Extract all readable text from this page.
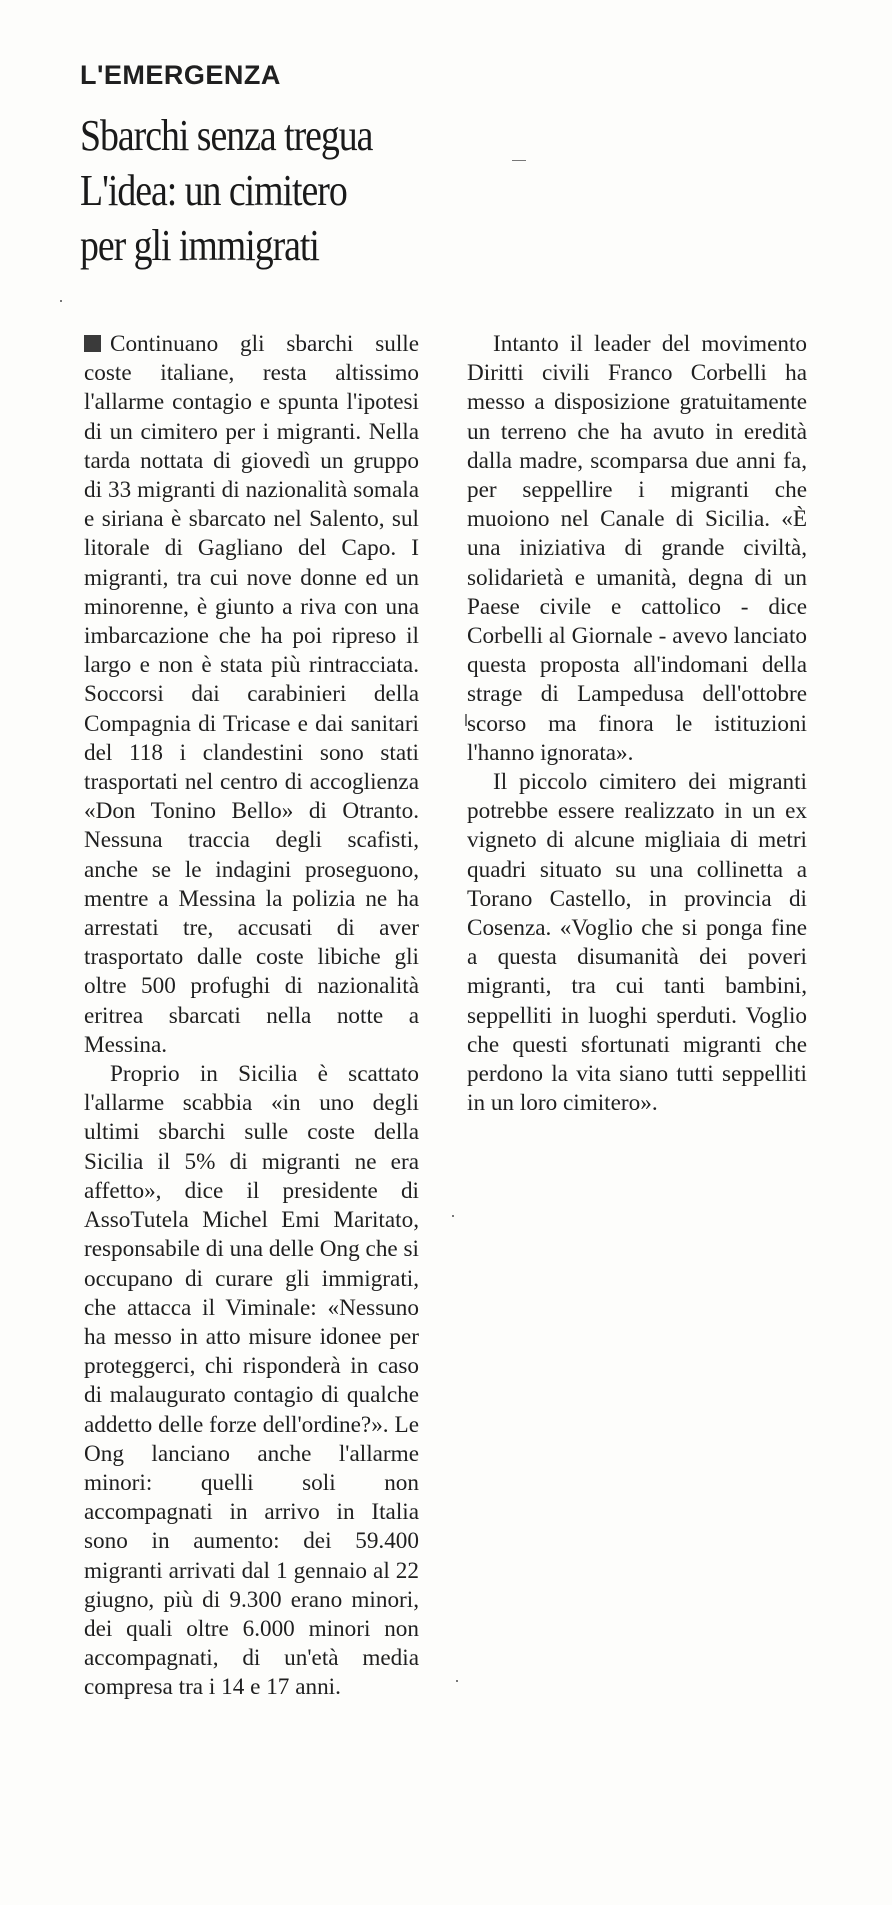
L'EMERGENZA
Sbarchi senza tregua
L'idea: un cimitero
per gli immigrati

Continuano gli sbarchi sulle coste italiane, resta altissimo l'allarme contagio e spunta l'ipotesi di un cimitero per i migranti. Nella tarda nottata di giovedì un gruppo di 33 migranti di nazionalità somala e siriana è sbarcato nel Salento, sul litorale di Gagliano del Capo. I migranti, tra cui nove donne ed un minorenne, è giunto a riva con una imbarcazione che ha poi ripreso il largo e non è stata più rintracciata. Soccorsi dai carabinieri della Compagnia di Tricase e dai sanitari del 118 i clandestini sono stati trasportati nel centro di accoglienza «Don Tonino Bello» di Otranto. Nessuna traccia degli scafisti, anche se le indagini proseguono, mentre a Messina la polizia ne ha arrestati tre, accusati di aver trasportato dalle coste libiche gli oltre 500 profughi di nazionalità eritrea sbarcati nella notte a Messina.

Proprio in Sicilia è scattato l'allarme scabbia «in uno degli ultimi sbarchi sulle coste della Sicilia il 5% di migranti ne era affetto», dice il presidente di AssoTutela Michel Emi Maritato, responsabile di una delle Ong che si occupano di curare gli immigrati, che attacca il Viminale: «Nessuno ha messo in atto misure idonee per proteggerci, chi risponderà in caso di malaugurato contagio di qualche addetto delle forze dell'ordine?». Le Ong lanciano anche l'allarme minori: quelli soli non accompagnati in arrivo in Italia sono in aumento: dei 59.400 migranti arrivati dal 1 gennaio al 22 giugno, più di 9.300 erano minori, dei quali oltre 6.000 minori non accompagnati, di un'età media compresa tra i 14 e 17 anni.

Intanto il leader del movimento Diritti civili Franco Corbelli ha messo a disposizione gratuitamente un terreno che ha avuto in eredità dalla madre, scomparsa due anni fa, per seppellire i migranti che muoiono nel Canale di Sicilia. «È una iniziativa di grande civiltà, solidarietà e umanità, degna di un Paese civile e cattolico - dice Corbelli al Giornale - avevo lanciato questa proposta all'indomani della strage di Lampedusa dell'ottobre scorso ma finora le istituzioni l'hanno ignorata».

Il piccolo cimitero dei migranti potrebbe essere realizzato in un ex vigneto di alcune migliaia di metri quadri situato su una collinetta a Torano Castello, in provincia di Cosenza. «Voglio che si ponga fine a questa disumanità dei poveri migranti, tra cui tanti bambini, seppelliti in luoghi sperduti. Voglio che questi sfortunati migranti che perdono la vita siano tutti seppelliti in un loro cimitero».
